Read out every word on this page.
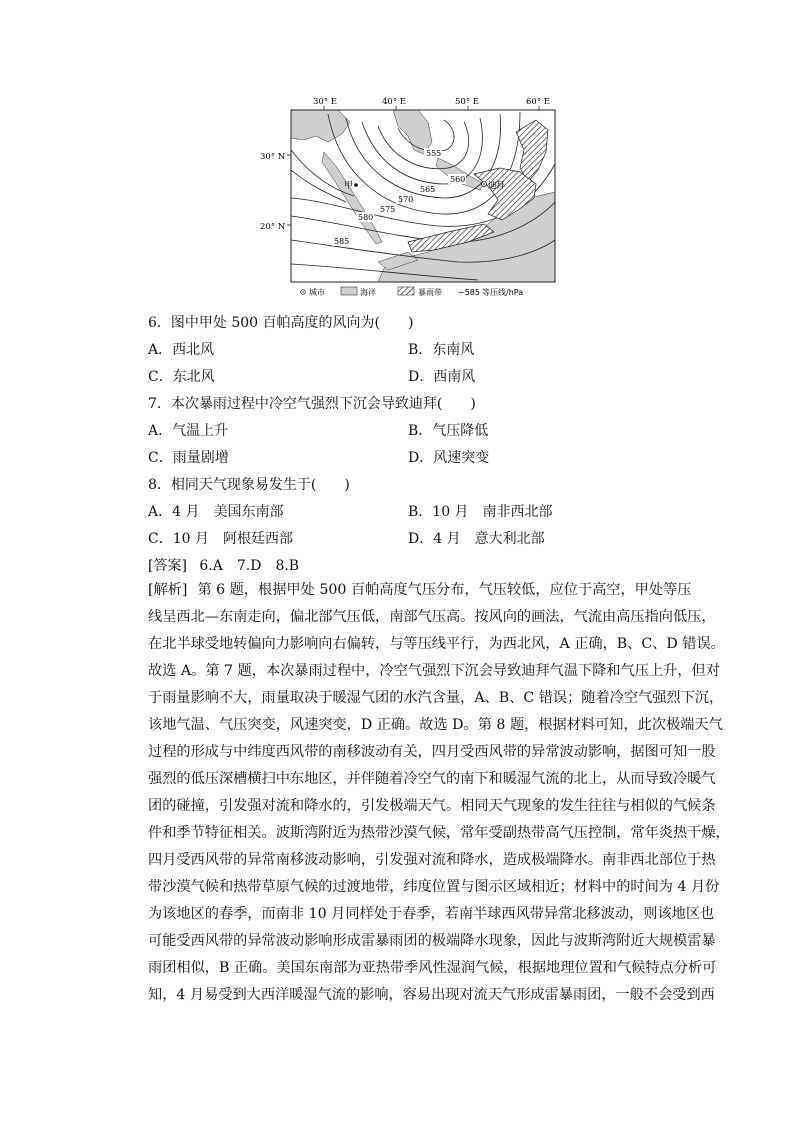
30° E	40° E	50° E	60° E
30° N
20° N
555
560
565
570
575
580
585
甲	迪拜
城市	海洋	暴雨带 ~585 等压线/hPa
6．图中甲处 500 百帕高度的风向为(　　)
A．西北风	B．东南风
C．东北风	D．西南风
7．本次暴雨过程中冷空气强烈下沉会导致迪拜(　　)
A．气温上升	B．气压降低
C．雨量剧增	D．风速突变
8．相同天气现象易发生于(　　)
A．4 月　美国东南部	B．10 月　南非西北部
C．10 月　阿根廷西部	D．4 月　意大利北部
[答案] 6.A　7.D　8.B
[解析] 第 6 题，根据甲处 500 百帕高度气压分布，气压较低，应位于高空，甲处等压
线呈西北—东南走向，偏北部气压低，南部气压高。按风向的画法，气流由高压指向低压，
在北半球受地转偏向力影响向右偏转，与等压线平行，为西北风，A 正确，B、C、D 错误。
故选 A。第 7 题，本次暴雨过程中，冷空气强烈下沉会导致迪拜气温下降和气压上升，但对
于雨量影响不大，雨量取决于暖湿气团的水汽含量，A、B、C 错误；随着冷空气强烈下沉，
该地气温、气压突变，风速突变，D 正确。故选 D。第 8 题，根据材料可知，此次极端天气
过程的形成与中纬度西风带的南移波动有关，四月受西风带的异常波动影响，据图可知一股
强烈的低压深槽横扫中东地区，并伴随着冷空气的南下和暖湿气流的北上，从而导致冷暖气
团的碰撞，引发强对流和降水的，引发极端天气。相同天气现象的发生往往与相似的气候条
件和季节特征相关。波斯湾附近为热带沙漠气候，常年受副热带高气压控制，常年炎热干燥，
四月受西风带的异常南移波动影响，引发强对流和降水，造成极端降水。南非西北部位于热
带沙漠气候和热带草原气候的过渡地带，纬度位置与图示区域相近；材料中的时间为 4 月份
为该地区的春季，而南非 10 月同样处于春季，若南半球西风带异常北移波动，则该地区也
可能受西风带的异常波动影响形成雷暴雨团的极端降水现象，因此与波斯湾附近大规模雷暴
雨团相似，B 正确。美国东南部为亚热带季风性湿润气候，根据地理位置和气候特点分析可
知，4 月易受到大西洋暖湿气流的影响，容易出现对流天气形成雷暴雨团，一般不会受到西
